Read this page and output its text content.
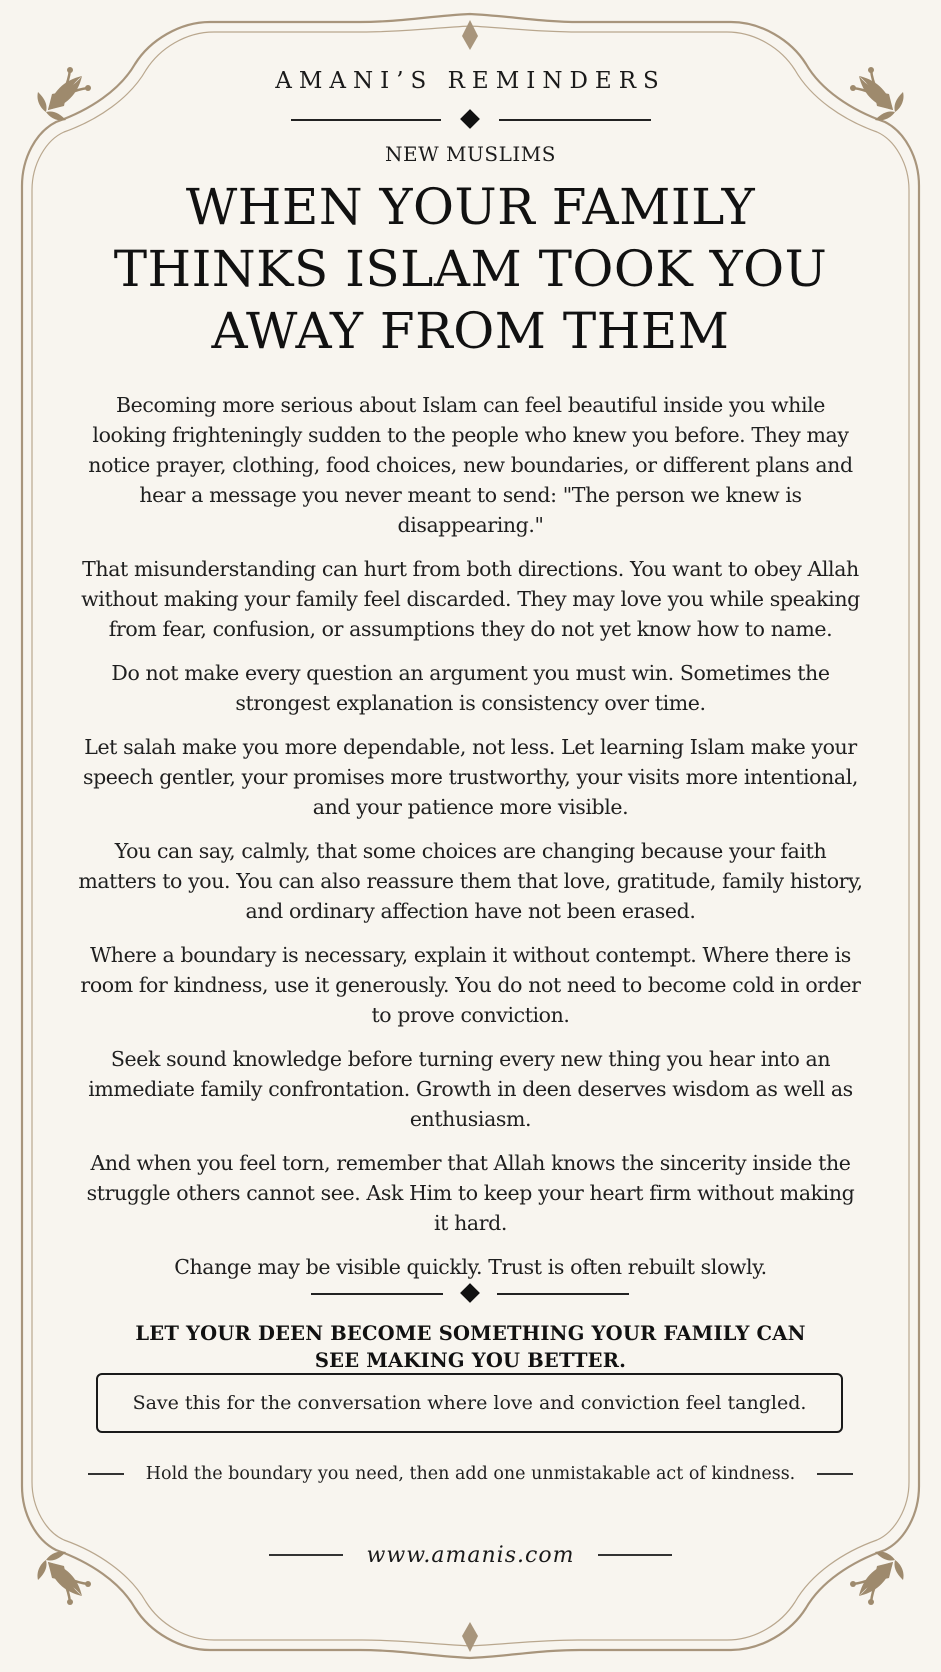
AMANI’S REMINDERS
NEW MUSLIMS
WHEN YOUR FAMILY THINKS ISLAM TOOK YOU AWAY FROM THEM

Becoming more serious about Islam can feel beautiful inside you while looking frighteningly sudden to the people who knew you before. They may notice prayer, clothing, food choices, new boundaries, or different plans and hear a message you never meant to send: "The person we knew is disappearing."

That misunderstanding can hurt from both directions. You want to obey Allah without making your family feel discarded. They may love you while speaking from fear, confusion, or assumptions they do not yet know how to name.

Do not make every question an argument you must win. Sometimes the strongest explanation is consistency over time.

Let salah make you more dependable, not less. Let learning Islam make your speech gentler, your promises more trustworthy, your visits more intentional, and your patience more visible.

You can say, calmly, that some choices are changing because your faith matters to you. You can also reassure them that love, gratitude, family history, and ordinary affection have not been erased.

Where a boundary is necessary, explain it without contempt. Where there is room for kindness, use it generously. You do not need to become cold in order to prove conviction.

Seek sound knowledge before turning every new thing you hear into an immediate family confrontation. Growth in deen deserves wisdom as well as enthusiasm.

And when you feel torn, remember that Allah knows the sincerity inside the struggle others cannot see. Ask Him to keep your heart firm without making it hard.

Change may be visible quickly. Trust is often rebuilt slowly.

LET YOUR DEEN BECOME SOMETHING YOUR FAMILY CAN SEE MAKING YOU BETTER.
Save this for the conversation where love and conviction feel tangled.
Hold the boundary you need, then add one unmistakable act of kindness.
www.amanis.com
